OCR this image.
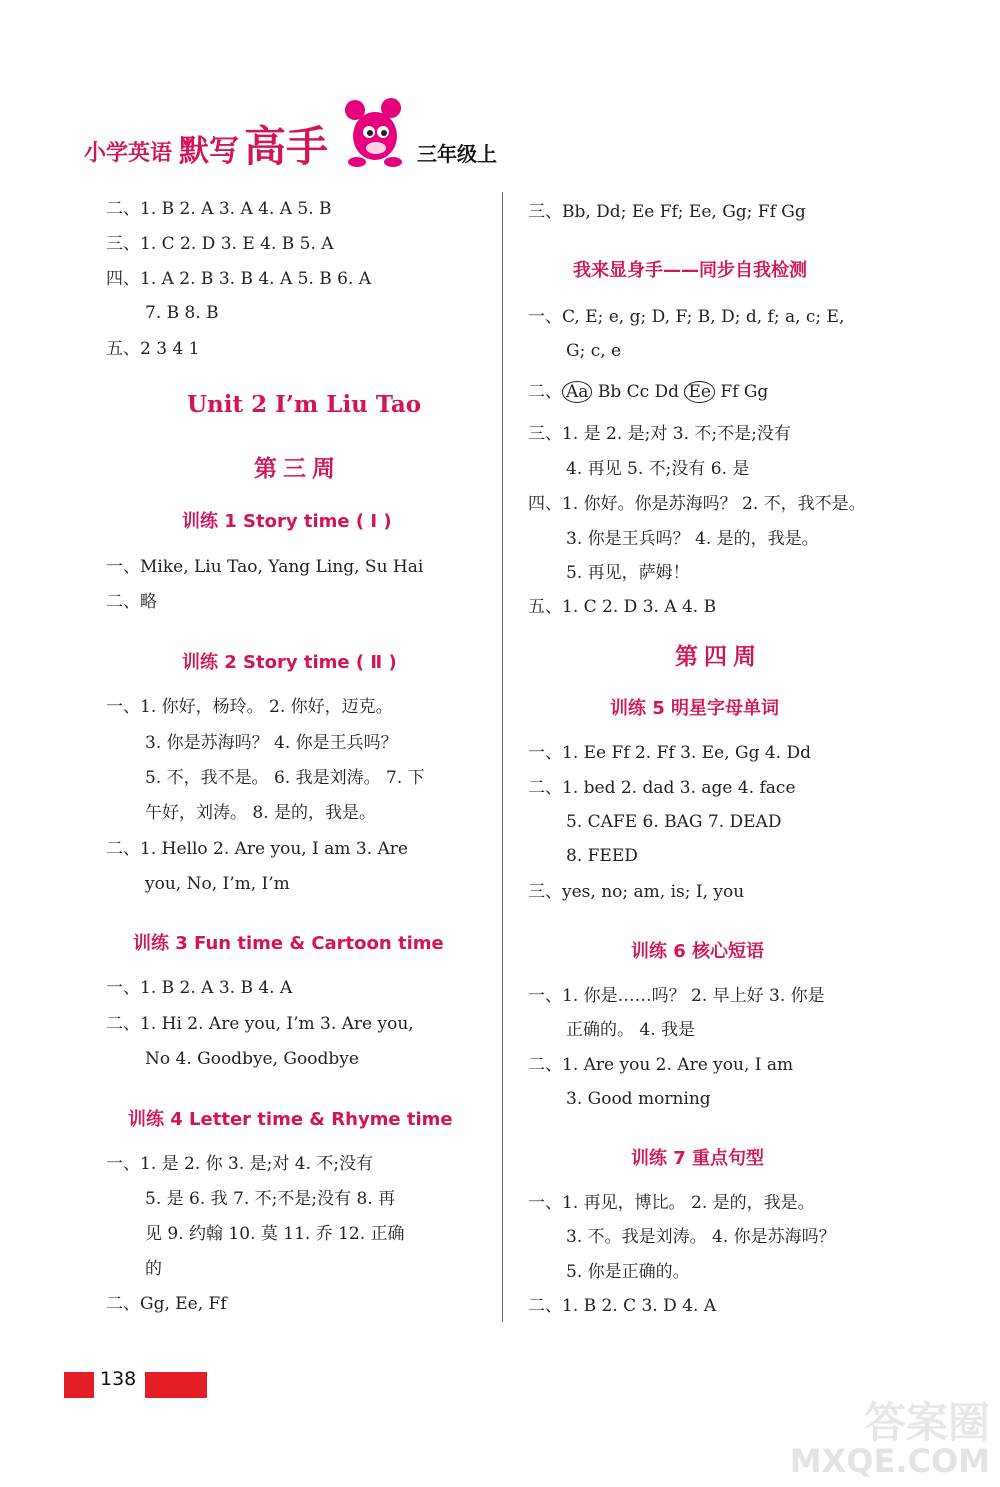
小学英语 默写 高手	三年级上
二、1. B 2. A 3. A 4. A 5. B
三、1. C 2. D 3. E 4. B 5. A
四、1. A 2. B 3. B 4. A 5. B 6. A
7. B 8. B
五、2 3 4 1
Unit 2 I’m Liu Tao
第三周
训练 1 Story time ( Ⅰ )
一、Mike, Liu Tao, Yang Ling, Su Hai
二、略
训练 2 Story time ( Ⅱ )
一、1. 你好，杨玲。 2. 你好，迈克。
3. 你是苏海吗？ 4. 你是王兵吗？
5. 不，我不是。 6. 我是刘涛。 7. 下
午好，刘涛。 8. 是的，我是。
二、1. Hello 2. Are you, I am 3. Are
you, No, I’m, I’m
训练 3 Fun time & Cartoon time
一、1. B 2. A 3. B 4. A
二、1. Hi 2. Are you, I’m 3. Are you,
No 4. Goodbye, Goodbye
训练 4 Letter time & Rhyme time
一、1. 是 2. 你 3. 是;对 4. 不;没有
5. 是 6. 我 7. 不;不是;没有 8. 再
见 9. 约翰 10. 莫 11. 乔 12. 正确
的
二、Gg, Ee, Ff
三、Bb, Dd; Ee Ff; Ee, Gg; Ff Gg
我来显身手——同步自我检测
一、C, E; e, g; D, F; B, D; d, f; a, c; E,
G; c, e
二、 Aa Bb Cc Dd Ee Ff Gg
三、1. 是 2. 是;对 3. 不;不是;没有
4. 再见 5. 不;没有 6. 是
四、1. 你好。你是苏海吗？ 2. 不，我不是。
3. 你是王兵吗？ 4. 是的，我是。
5. 再见，萨姆！
五、1. C 2. D 3. A 4. B
第四周
训练 5 明星字母单词
一、1. Ee Ff 2. Ff 3. Ee, Gg 4. Dd
二、1. bed 2. dad 3. age 4. face
5. CAFE 6. BAG 7. DEAD
8. FEED
三、yes, no; am, is; I, you
训练 6 核心短语
一、1. 你是……吗？ 2. 早上好 3. 你是
正确的。 4. 我是
二、1. Are you 2. Are you, I am
3. Good morning
训练 7 重点句型
一、1. 再见，博比。 2. 是的，我是。
3. 不。我是刘涛。 4. 你是苏海吗？
5. 你是正确的。
二、1. B 2. C 3. D 4. A
138
答案圈
MXQE.COM
